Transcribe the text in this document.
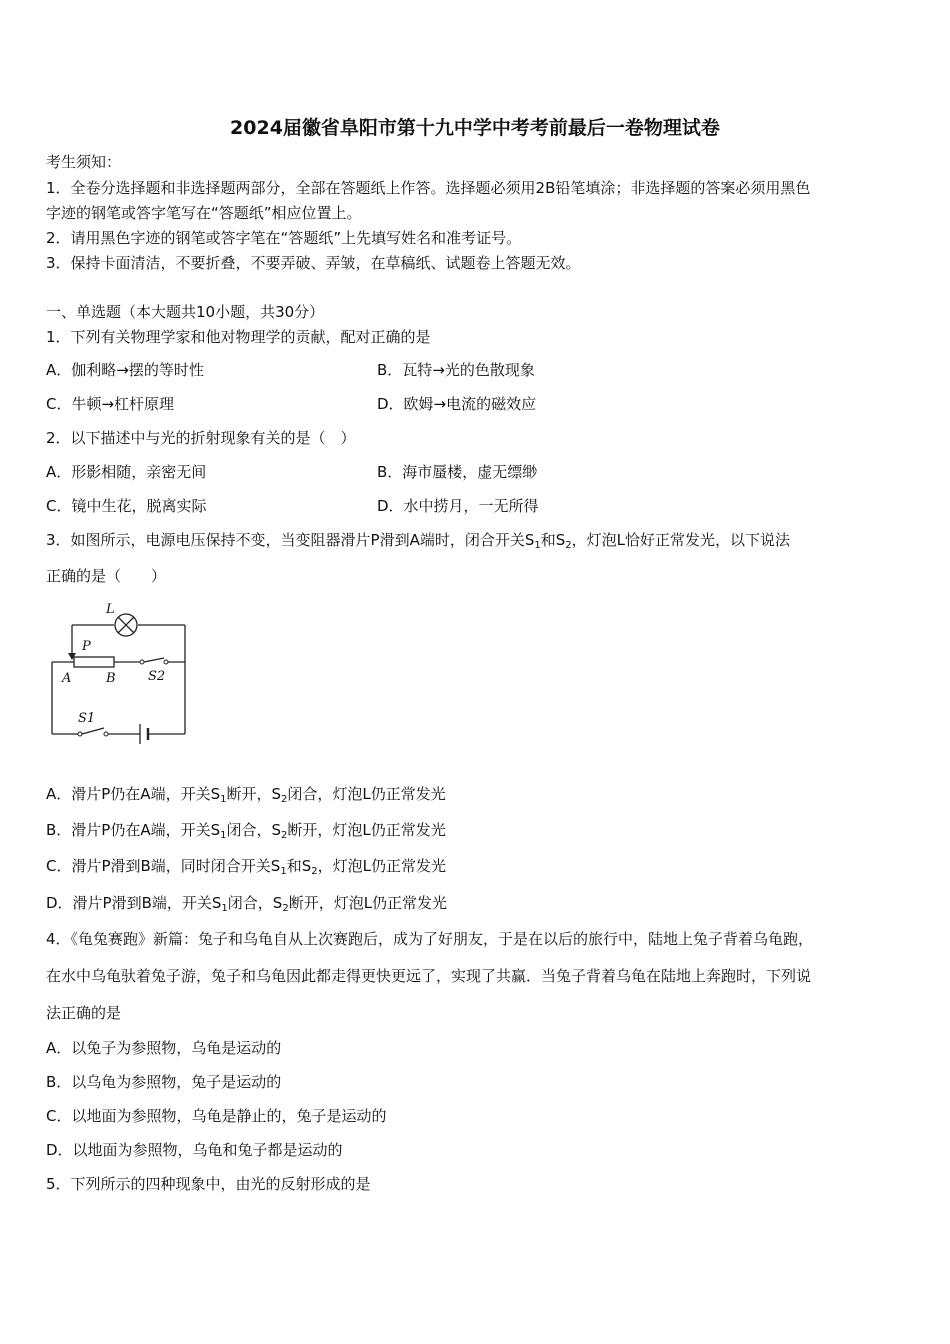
2024届徽省阜阳市第十九中学中考考前最后一卷物理试卷
考生须知：
1．全卷分选择题和非选择题两部分，全部在答题纸上作答。选择题必须用2B铅笔填涂；非选择题的答案必须用黑色
字迹的钢笔或答字笔写在“答题纸”相应位置上。
2．请用黑色字迹的钢笔或答字笔在“答题纸”上先填写姓名和准考证号。
3．保持卡面清洁，不要折叠，不要弄破、弄皱，在草稿纸、试题卷上答题无效。
一、单选题（本大题共10小题，共30分）
1．下列有关物理学家和他对物理学的贡献，配对正确的是
A．伽利略→摆的等时性	B．瓦特→光的色散现象
C．牛顿→杠杆原理	D．欧姆→电流的磁效应
2．以下描述中与光的折射现象有关的是（　）
A．形影相随，亲密无间	B．海市蜃楼，虚无缥缈
C．镜中生花，脱离实际	D．水中捞月，一无所得
3．如图所示，电源电压保持不变，当变阻器滑片P滑到A端时，闭合开关$S_1$和$S_2$，灯泡L恰好正常发光，以下说法
正确的是（　　）
L
P
A	B S2
S1
A．滑片P仍在A端，开关$S_1$断开，$S_2$闭合，灯泡L仍正常发光
B．滑片P仍在A端，开关$S_1$闭合，$S_2$断开，灯泡L仍正常发光
C．滑片P滑到B端，同时闭合开关$S_1$和$S_2$，灯泡L仍正常发光
D．滑片P滑到B端，开关$S_1$闭合，$S_2$断开，灯泡L仍正常发光
4．《龟兔赛跑》新篇：兔子和乌龟自从上次赛跑后，成为了好朋友，于是在以后的旅行中，陆地上兔子背着乌龟跑，
在水中乌龟驮着兔子游，兔子和乌龟因此都走得更快更远了，实现了共赢．当兔子背着乌龟在陆地上奔跑时，下列说
法正确的是
A．以兔子为参照物，乌龟是运动的
B．以乌龟为参照物，兔子是运动的
C．以地面为参照物，乌龟是静止的，兔子是运动的
D．以地面为参照物，乌龟和兔子都是运动的
5．下列所示的四种现象中，由光的反射形成的是
